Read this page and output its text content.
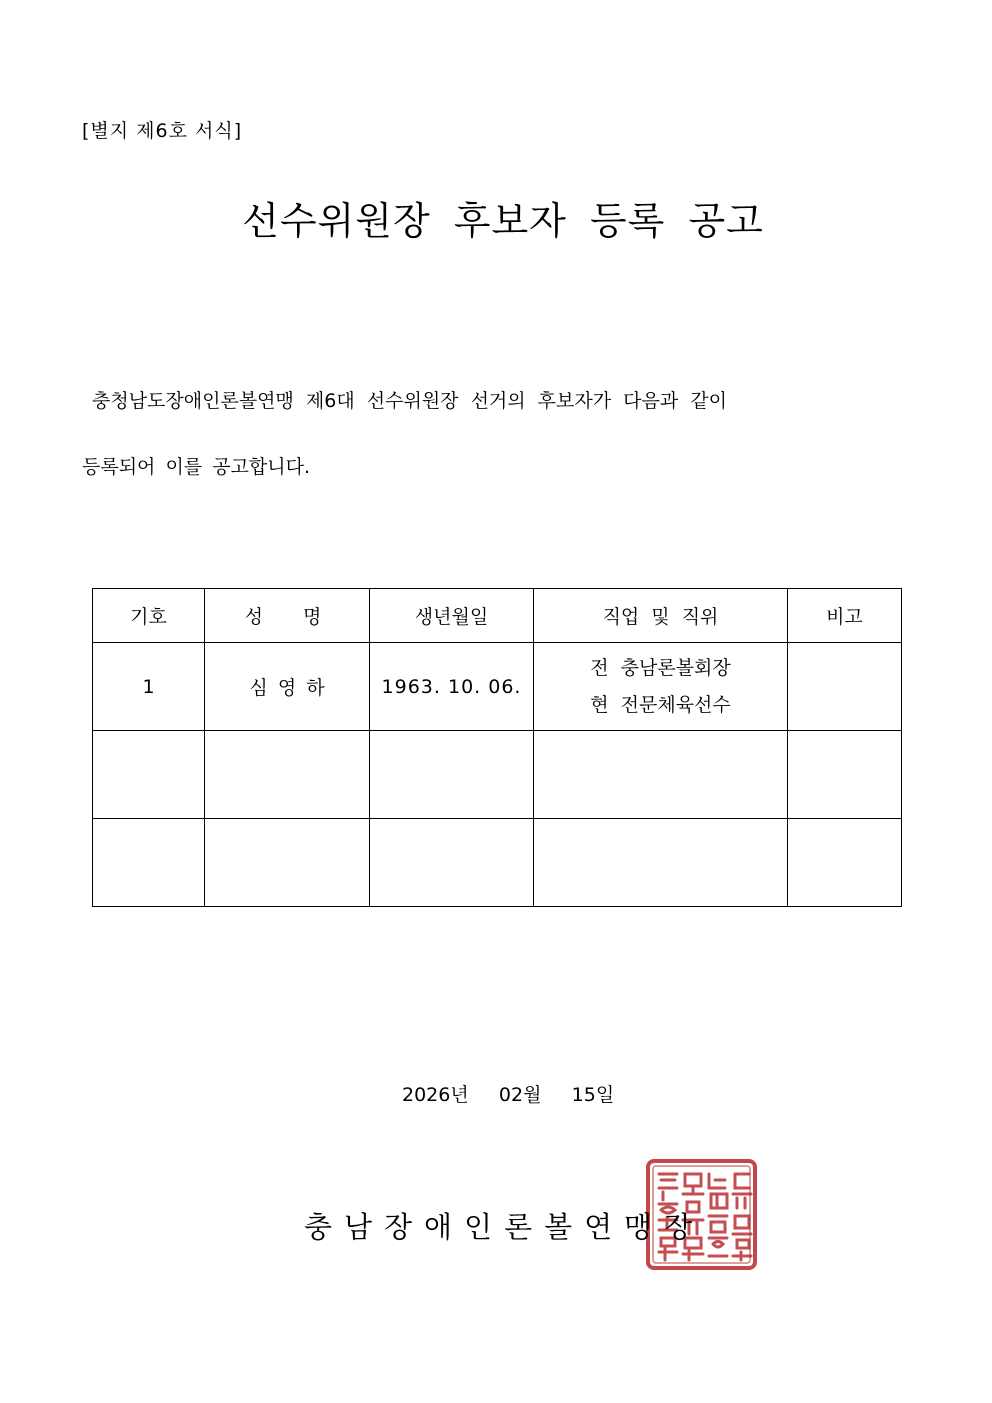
[별지 제6호 서식]
선수위원장 후보자 등록 공고
충청남도장애인론볼연맹 제6대 선수위원장 선거의 후보자가 다음과 같이
등록되어 이를 공고합니다.
기호	성 명	생년월일	직업 및 직위	비고
1	심 영 하	1963. 10. 06.	전 충남론볼회장
현 전문체육선수	

2026년 02월 15일
충남장애인론볼연맹장
